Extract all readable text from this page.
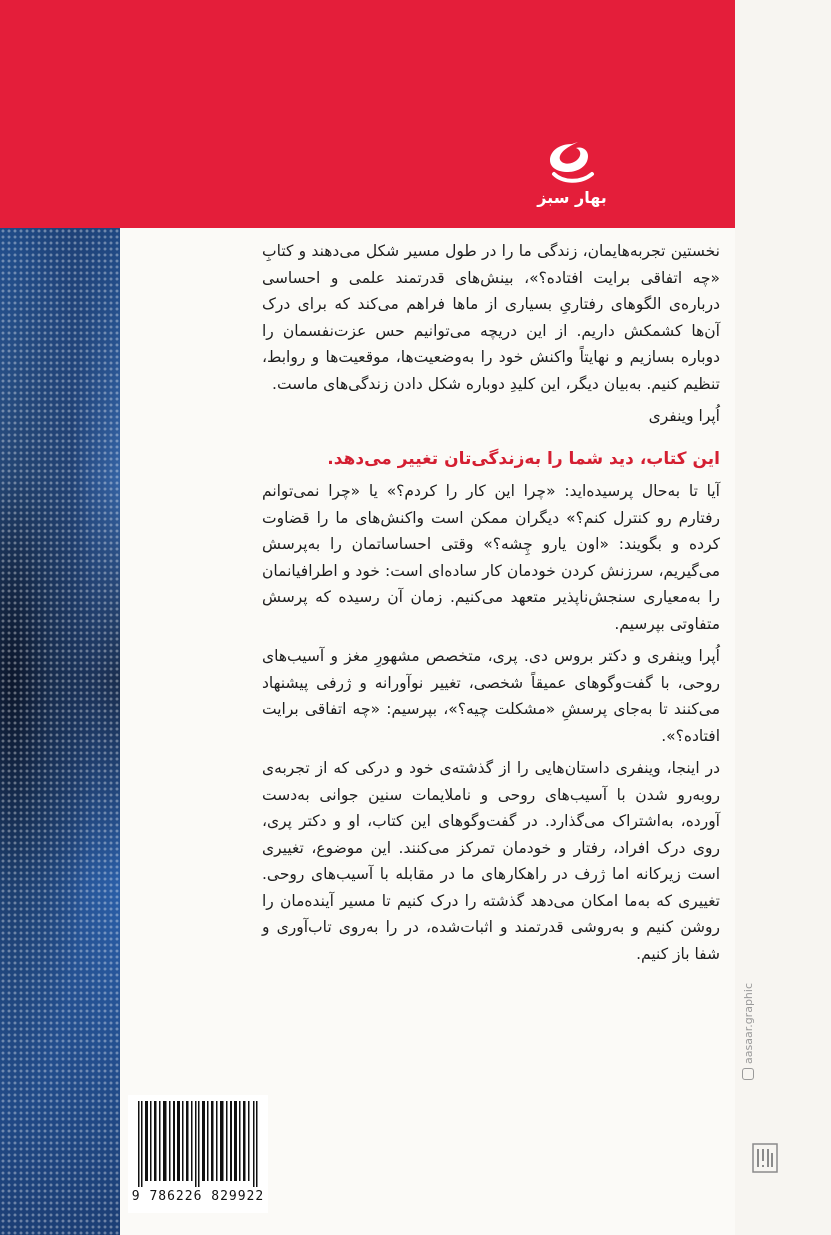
بهار سبز

نخستین تجربه‌هایمان، زندگی ما را در طول مسیر شکل می‌دهند و کتابِ «چه اتفاقی برایت افتاده؟»، بینش‌های قدرتمند علمی و احساسی درباره‌ی الگوهای رفتاریِ بسیاری از ماها فراهم می‌کند که برای درک آن‌ها کشمکش داریم. از این دریچه می‌توانیم حس عزت‌نفسمان را دوباره بسازیم و نهایتاً واکنش خود را به‌وضعیت‌ها، موقعیت‌ها و روابط، تنظیم کنیم. به‌بیان دیگر، این کلیدِ دوباره شکل دادن زندگی‌های ماست.

اُپرا وینفری

این کتاب، دید شما را به‌زندگی‌تان تغییر می‌دهد.

آیا تا به‌حال پرسیده‌اید: «چرا این کار را کردم؟» یا «چرا نمی‌توانم رفتارم رو کنترل کنم؟» دیگران ممکن است واکنش‌های ما را قضاوت کرده و بگویند: «اون یارو چِشه؟» وقتی احساساتمان را به‌پرسش می‌گیریم، سرزنش کردن خودمان کار ساده‌ای است: خود و اطرافیانمان را به‌معیاری سنجش‌ناپذیر متعهد می‌کنیم. زمان آن رسیده که پرسش متفاوتی بپرسیم.

اُپرا وینفری و دکتر بروس دی. پری، متخصص مشهورِ مغز و آسیب‌های روحی، با گفت‌وگوهای عمیقاً شخصی، تغییر نوآورانه و ژرفی پیشنهاد می‌کنند تا به‌جای پرسشِ «مشکلت چیه؟»، بپرسیم: «چه اتفاقی برایت افتاده؟».

در اینجا، وینفری داستان‌هایی را از گذشته‌ی خود و درکی که از تجربه‌ی روبه‌رو شدن با آسیب‌های روحی و ناملایمات سنین جوانی به‌دست آورده، به‌اشتراک می‌گذارد. در گفت‌وگوهای این کتاب، او و دکتر پری، روی درک افراد، رفتار و خودمان تمرکز می‌کنند. این موضوع، تغییری است زیرکانه اما ژرف در راهکارهای ما در مقابله با آسیب‌های روحی. تغییری که به‌ما امکان می‌دهد گذشته را درک کنیم تا مسیر آینده‌مان را روشن کنیم و به‌روشی قدرتمند و اثبات‌شده، در را به‌روی تاب‌آوری و شفا باز کنیم.

9 786226 829922
aasaar.graphic
